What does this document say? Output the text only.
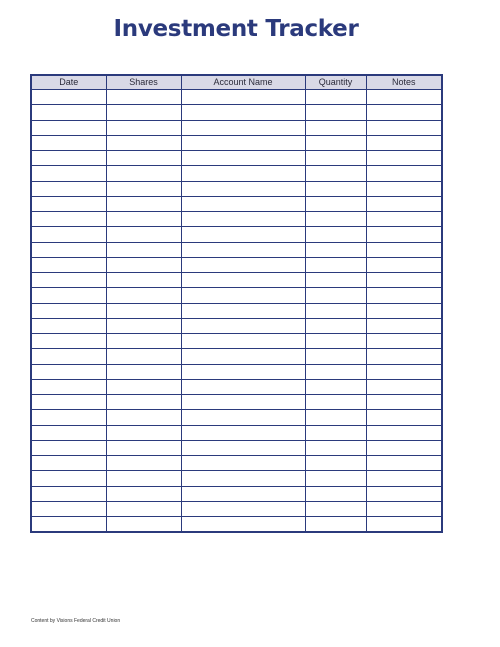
Investment Tracker
Date	Shares	Account Name	Quantity	Notes

Content by Visions Federal Credit Union
